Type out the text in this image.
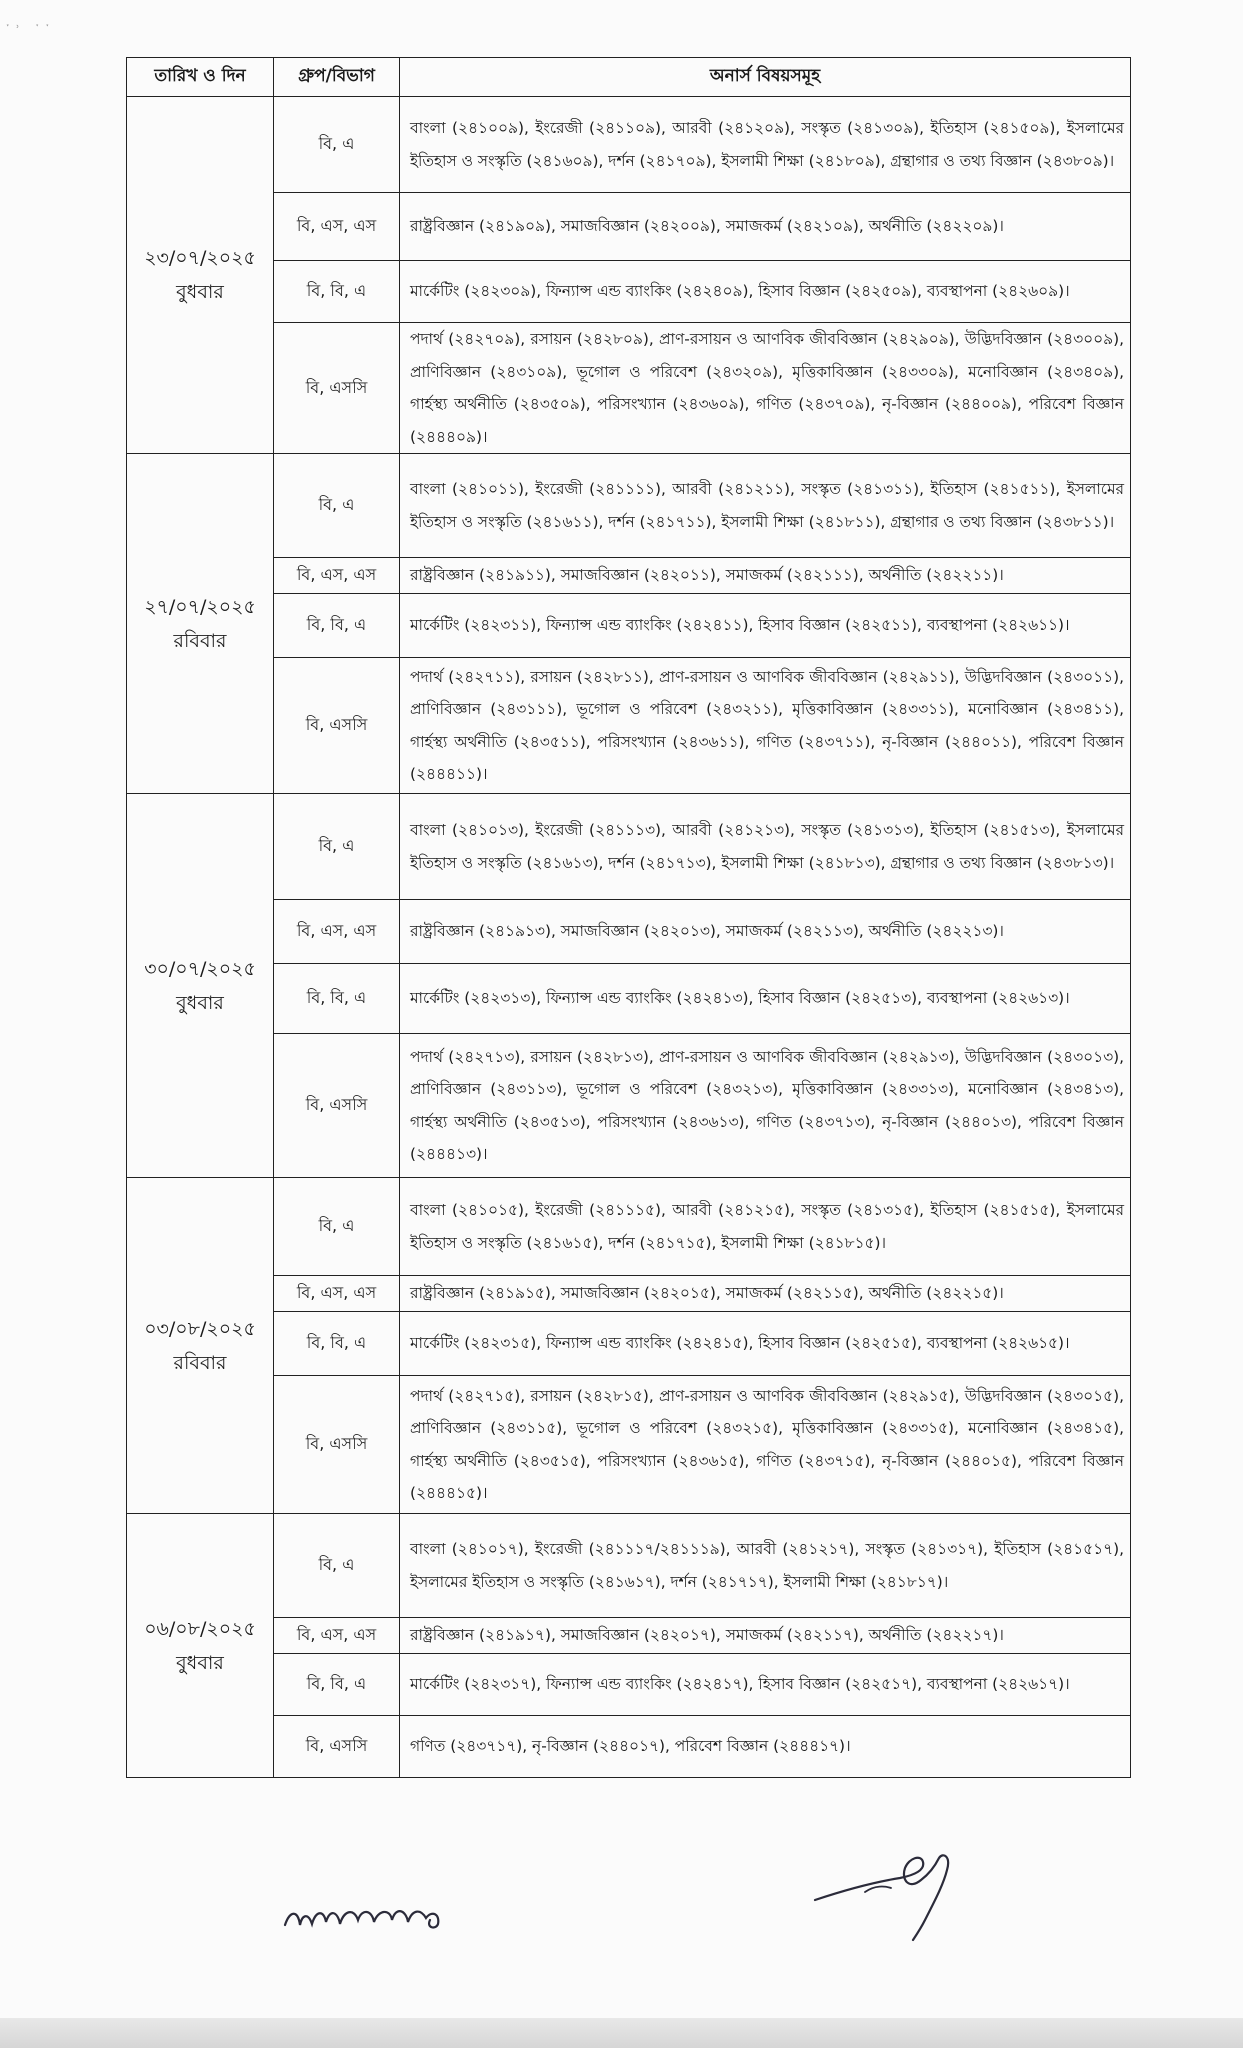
ˑ˒ ˑˑ
তারিখ ও দিন	গ্রুপ/বিভাগ	অনার্স বিষয়সমূহ

২৩/০৭/২০২৫
বুধবার	বি, এ	বাংলা (২৪১০০৯), ইংরেজী (২৪১১০৯), আরবী (২৪১২০৯), সংস্কৃত (২৪১৩০৯), ইতিহাস (২৪১৫০৯), ইসলামের ইতিহাস ও সংস্কৃতি (২৪১৬০৯), দর্শন (২৪১৭০৯), ইসলামী শিক্ষা (২৪১৮০৯), গ্রন্থাগার ও তথ্য বিজ্ঞান (২৪৩৮০৯)।
	বি, এস, এস	রাষ্ট্রবিজ্ঞান (২৪১৯০৯), সমাজবিজ্ঞান (২৪২০০৯), সমাজকর্ম (২৪২১০৯), অর্থনীতি (২৪২২০৯)।
	বি, বি, এ	মার্কেটিং (২৪২৩০৯), ফিন্যান্স এন্ড ব্যাংকিং (২৪২৪০৯), হিসাব বিজ্ঞান (২৪২৫০৯), ব্যবস্থাপনা (২৪২৬০৯)।
	বি, এসসি	পদার্থ (২৪২৭০৯), রসায়ন (২৪২৮০৯), প্রাণ-রসায়ন ও আণবিক জীববিজ্ঞান (২৪২৯০৯), উদ্ভিদবিজ্ঞান (২৪৩০০৯), প্রাণিবিজ্ঞান (২৪৩১০৯), ভূগোল ও পরিবেশ (২৪৩২০৯), মৃত্তিকাবিজ্ঞান (২৪৩৩০৯), মনোবিজ্ঞান (২৪৩৪০৯), গার্হস্থ্য অর্থনীতি (২৪৩৫০৯), পরিসংখ্যান (২৪৩৬০৯), গণিত (২৪৩৭০৯), নৃ-বিজ্ঞান (২৪৪০০৯), পরিবেশ বিজ্ঞান (২৪৪৪০৯)।

২৭/০৭/২০২৫
রবিবার	বি, এ	বাংলা (২৪১০১১), ইংরেজী (২৪১১১১), আরবী (২৪১২১১), সংস্কৃত (২৪১৩১১), ইতিহাস (২৪১৫১১), ইসলামের ইতিহাস ও সংস্কৃতি (২৪১৬১১), দর্শন (২৪১৭১১), ইসলামী শিক্ষা (২৪১৮১১), গ্রন্থাগার ও তথ্য বিজ্ঞান (২৪৩৮১১)।
	বি, এস, এস	রাষ্ট্রবিজ্ঞান (২৪১৯১১), সমাজবিজ্ঞান (২৪২০১১), সমাজকর্ম (২৪২১১১), অর্থনীতি (২৪২২১১)।
	বি, বি, এ	মার্কেটিং (২৪২৩১১), ফিন্যান্স এন্ড ব্যাংকিং (২৪২৪১১), হিসাব বিজ্ঞান (২৪২৫১১), ব্যবস্থাপনা (২৪২৬১১)।
	বি, এসসি	পদার্থ (২৪২৭১১), রসায়ন (২৪২৮১১), প্রাণ-রসায়ন ও আণবিক জীববিজ্ঞান (২৪২৯১১), উদ্ভিদবিজ্ঞান (২৪৩০১১), প্রাণিবিজ্ঞান (২৪৩১১১), ভূগোল ও পরিবেশ (২৪৩২১১), মৃত্তিকাবিজ্ঞান (২৪৩৩১১), মনোবিজ্ঞান (২৪৩৪১১), গার্হস্থ্য অর্থনীতি (২৪৩৫১১), পরিসংখ্যান (২৪৩৬১১), গণিত (২৪৩৭১১), নৃ-বিজ্ঞান (২৪৪০১১), পরিবেশ বিজ্ঞান (২৪৪৪১১)।

৩০/০৭/২০২৫
বুধবার	বি, এ	বাংলা (২৪১০১৩), ইংরেজী (২৪১১১৩), আরবী (২৪১২১৩), সংস্কৃত (২৪১৩১৩), ইতিহাস (২৪১৫১৩), ইসলামের ইতিহাস ও সংস্কৃতি (২৪১৬১৩), দর্শন (২৪১৭১৩), ইসলামী শিক্ষা (২৪১৮১৩), গ্রন্থাগার ও তথ্য বিজ্ঞান (২৪৩৮১৩)।
	বি, এস, এস	রাষ্ট্রবিজ্ঞান (২৪১৯১৩), সমাজবিজ্ঞান (২৪২০১৩), সমাজকর্ম (২৪২১১৩), অর্থনীতি (২৪২২১৩)।
	বি, বি, এ	মার্কেটিং (২৪২৩১৩), ফিন্যান্স এন্ড ব্যাংকিং (২৪২৪১৩), হিসাব বিজ্ঞান (২৪২৫১৩), ব্যবস্থাপনা (২৪২৬১৩)।
	বি, এসসি	পদার্থ (২৪২৭১৩), রসায়ন (২৪২৮১৩), প্রাণ-রসায়ন ও আণবিক জীববিজ্ঞান (২৪২৯১৩), উদ্ভিদবিজ্ঞান (২৪৩০১৩), প্রাণিবিজ্ঞান (২৪৩১১৩), ভূগোল ও পরিবেশ (২৪৩২১৩), মৃত্তিকাবিজ্ঞান (২৪৩৩১৩), মনোবিজ্ঞান (২৪৩৪১৩), গার্হস্থ্য অর্থনীতি (২৪৩৫১৩), পরিসংখ্যান (২৪৩৬১৩), গণিত (২৪৩৭১৩), নৃ-বিজ্ঞান (২৪৪০১৩), পরিবেশ বিজ্ঞান (২৪৪৪১৩)।

০৩/০৮/২০২৫
রবিবার	বি, এ	বাংলা (২৪১০১৫), ইংরেজী (২৪১১১৫), আরবী (২৪১২১৫), সংস্কৃত (২৪১৩১৫), ইতিহাস (২৪১৫১৫), ইসলামের ইতিহাস ও সংস্কৃতি (২৪১৬১৫), দর্শন (২৪১৭১৫), ইসলামী শিক্ষা (২৪১৮১৫)।
	বি, এস, এস	রাষ্ট্রবিজ্ঞান (২৪১৯১৫), সমাজবিজ্ঞান (২৪২০১৫), সমাজকর্ম (২৪২১১৫), অর্থনীতি (২৪২২১৫)।
	বি, বি, এ	মার্কেটিং (২৪২৩১৫), ফিন্যান্স এন্ড ব্যাংকিং (২৪২৪১৫), হিসাব বিজ্ঞান (২৪২৫১৫), ব্যবস্থাপনা (২৪২৬১৫)।
	বি, এসসি	পদার্থ (২৪২৭১৫), রসায়ন (২৪২৮১৫), প্রাণ-রসায়ন ও আণবিক জীববিজ্ঞান (২৪২৯১৫), উদ্ভিদবিজ্ঞান (২৪৩০১৫), প্রাণিবিজ্ঞান (২৪৩১১৫), ভূগোল ও পরিবেশ (২৪৩২১৫), মৃত্তিকাবিজ্ঞান (২৪৩৩১৫), মনোবিজ্ঞান (২৪৩৪১৫), গার্হস্থ্য অর্থনীতি (২৪৩৫১৫), পরিসংখ্যান (২৪৩৬১৫), গণিত (২৪৩৭১৫), নৃ-বিজ্ঞান (২৪৪০১৫), পরিবেশ বিজ্ঞান (২৪৪৪১৫)।

০৬/০৮/২০২৫
বুধবার	বি, এ	বাংলা (২৪১০১৭), ইংরেজী (২৪১১১৭/২৪১১১৯), আরবী (২৪১২১৭), সংস্কৃত (২৪১৩১৭), ইতিহাস (২৪১৫১৭), ইসলামের ইতিহাস ও সংস্কৃতি (২৪১৬১৭), দর্শন (২৪১৭১৭), ইসলামী শিক্ষা (২৪১৮১৭)।
	বি, এস, এস	রাষ্ট্রবিজ্ঞান (২৪১৯১৭), সমাজবিজ্ঞান (২৪২০১৭), সমাজকর্ম (২৪২১১৭), অর্থনীতি (২৪২২১৭)।
	বি, বি, এ	মার্কেটিং (২৪২৩১৭), ফিন্যান্স এন্ড ব্যাংকিং (২৪২৪১৭), হিসাব বিজ্ঞান (২৪২৫১৭), ব্যবস্থাপনা (২৪২৬১৭)।
	বি, এসসি	গণিত (২৪৩৭১৭), নৃ-বিজ্ঞান (২৪৪০১৭), পরিবেশ বিজ্ঞান (২৪৪৪১৭)।
